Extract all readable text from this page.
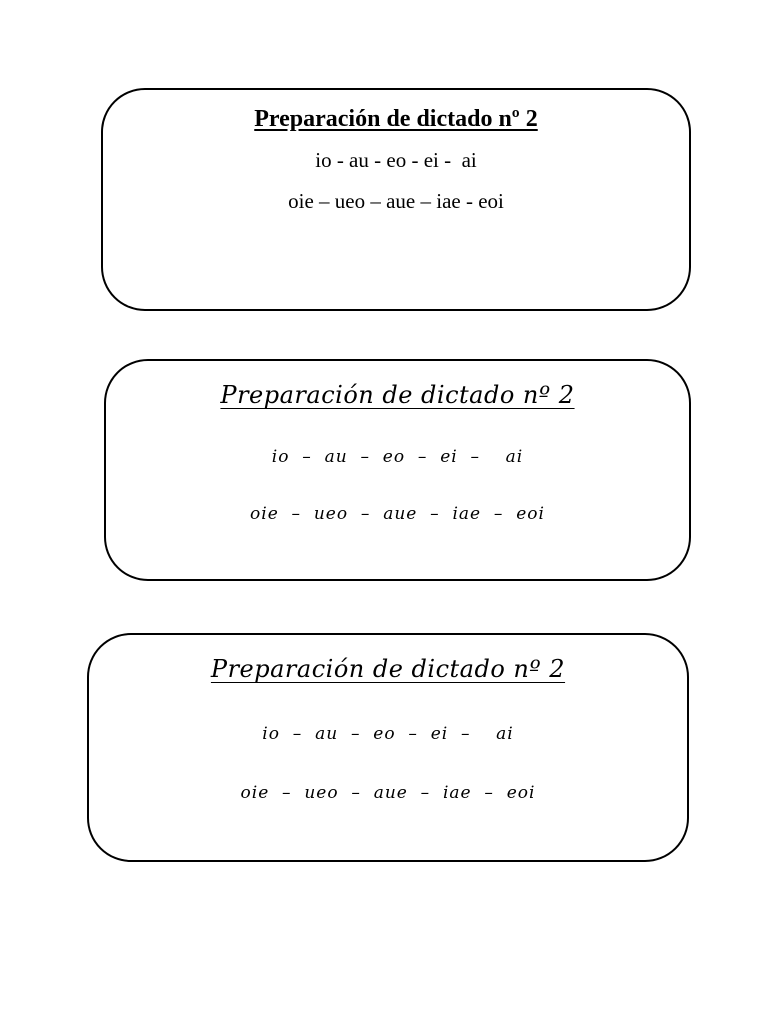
Preparación de dictado nº 2
io - au - eo - ei -  ai
oie – ueo – aue – iae - eoi
Preparación de dictado nº 2
io  –  au  –  eo  –  ei  –    ai
oie  –  ueo  –  aue  –  iae  –  eoi
Preparación de dictado nº 2
io  –  au  –  eo  –  ei  –    ai
oie  –  ueo  –  aue  –  iae  –  eoi
